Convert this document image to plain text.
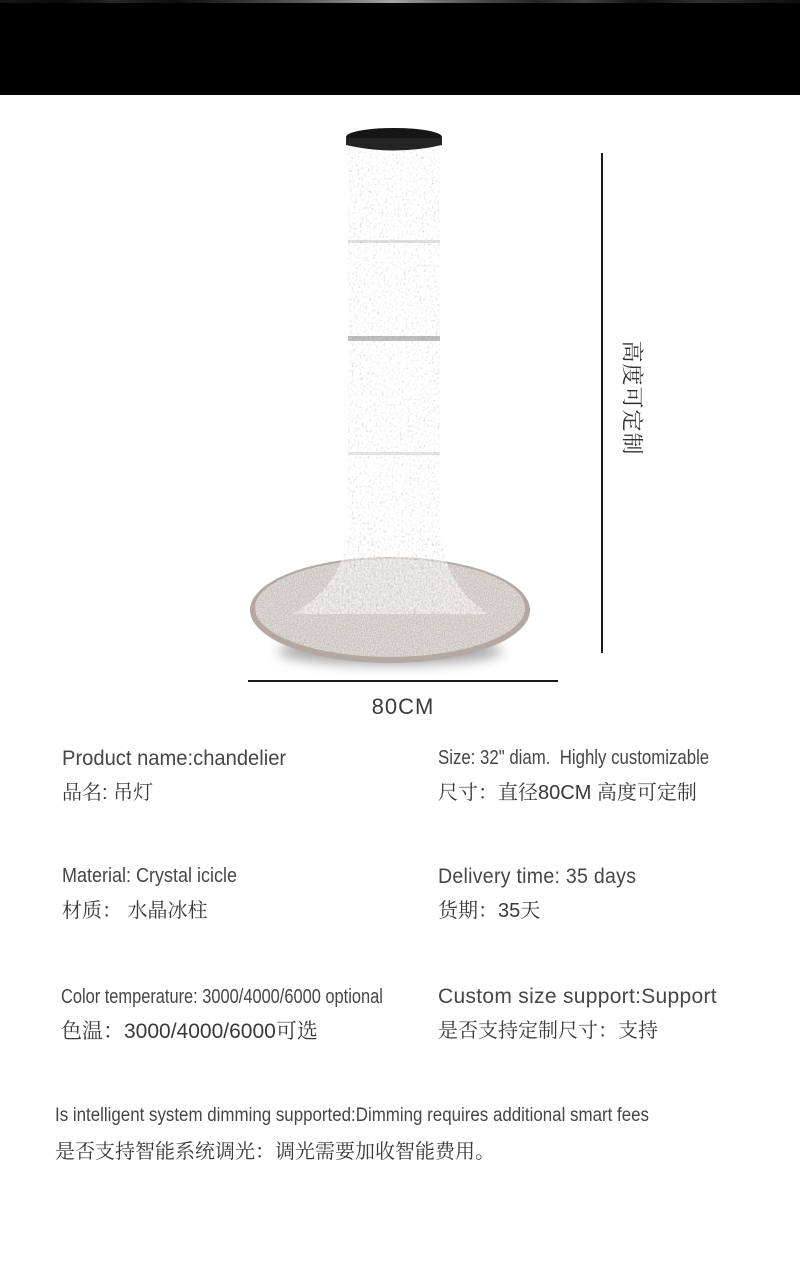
80CM
高度可定制
Product name:chandelier
品名: 吊灯
Size: 32" diam.  Highly customizable
尺寸：直径80CM 高度可定制
Material: Crystal icicle
材质： 水晶冰柱
Delivery time: 35 days
货期：35天
Color temperature: 3000/4000/6000 optional
色温：3000/4000/6000可选
Custom size support:Support
是否支持定制尺寸：支持
Is intelligent system dimming supported:Dimming requires additional smart fees
是否支持智能系统调光：调光需要加收智能费用。
